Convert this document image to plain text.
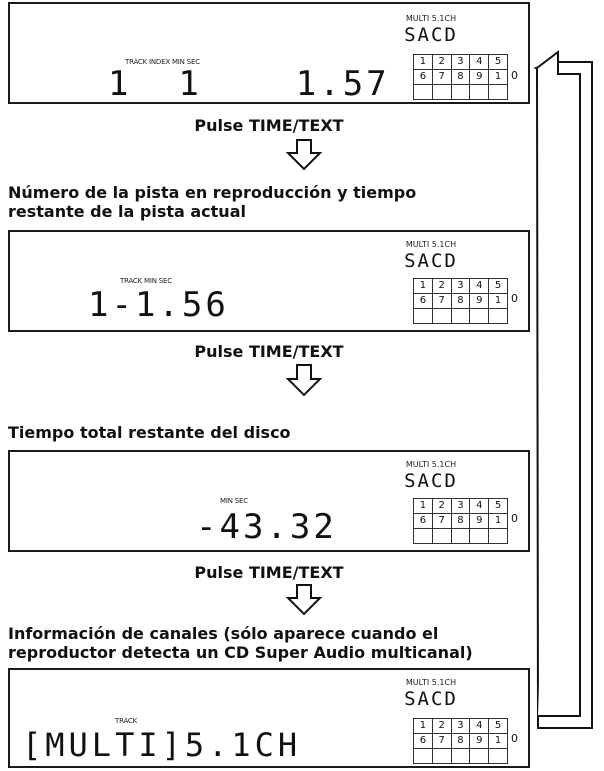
TRACK INDEX MIN SEC
1  1    1.57
MULTI 5.1CH
SACD
1	2	3	4	5
6	7	8	9	1
				0
Pulse TIME/TEXT
Número de la pista en reproducción y tiempo restante de la pista actual
TRACK MIN SEC
1-1.56
MULTI 5.1CH
SACD
1	2	3	4	5
6	7	8	9	1
				0
Pulse TIME/TEXT
Tiempo total restante del disco
MIN SEC
-43.32
MULTI 5.1CH
SACD
1	2	3	4	5
6	7	8	9	1
				0
Pulse TIME/TEXT
Información de canales (sólo aparece cuando el reproductor detecta un CD Super Audio multicanal)
TRACK
[MULTI]5.1CH
MULTI 5.1CH
SACD
1	2	3	4	5
6	7	8	9	1
				0
